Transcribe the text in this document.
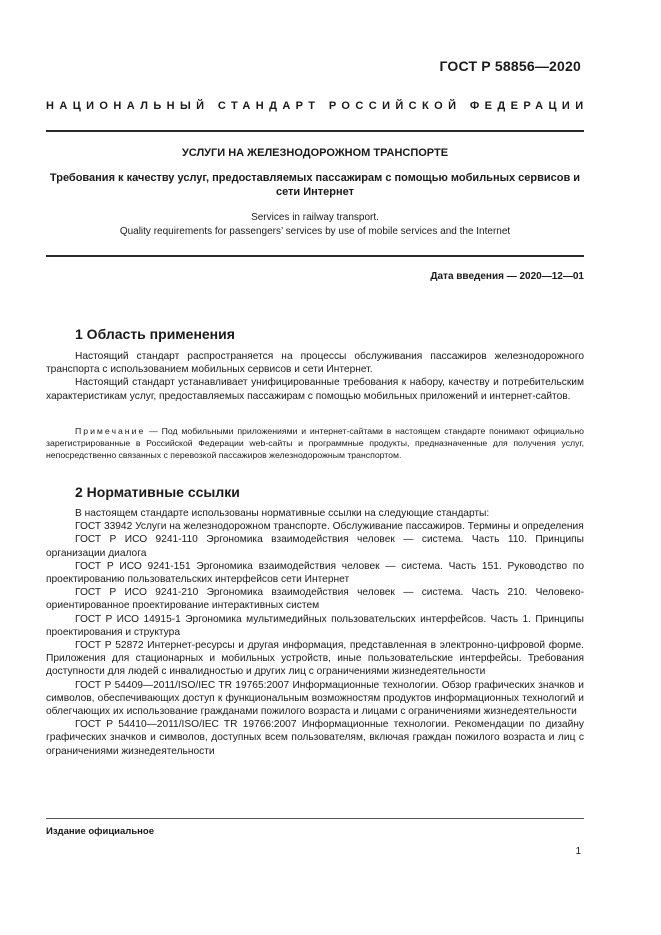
ГОСТ Р 58856—2020
НАЦИОНАЛЬНЫЙ СТАНДАРТ РОССИЙСКОЙ ФЕДЕРАЦИИ
УСЛУГИ НА ЖЕЛЕЗНОДОРОЖНОМ ТРАНСПОРТЕ
Требования к качеству услуг, предоставляемых пассажирам с помощью мобильных сервисов и сети Интернет
Services in railway transport.
Quality requirements for passengers’ services by use of mobile services and the Internet
Дата введения — 2020—12—01
1 Область применения

Настоящий стандарт распространяется на процессы обслуживания пассажиров железнодорожного транспорта с использованием мобильных сервисов и сети Интернет.

Настоящий стандарт устанавливает унифицированные требования к набору, качеству и потребительским характеристикам услуг, предоставляемых пассажирам с помощью мобильных приложений и интернет-сайтов.

Примечание — Под мобильными приложениями и интернет-сайтами в настоящем стандарте понимают официально зарегистрированные в Российской Федерации web-сайты и программные продукты, предназначенные для получения услуг, непосредственно связанных с перевозкой пассажиров железнодорожным транспортом.

2 Нормативные ссылки

В настоящем стандарте использованы нормативные ссылки на следующие стандарты:

ГОСТ 33942 Услуги на железнодорожном транспорте. Обслуживание пассажиров. Термины и определения

ГОСТ Р ИСО 9241-110 Эргономика взаимодействия человек — система. Часть 110. Принципы организации диалога

ГОСТ Р ИСО 9241-151 Эргономика взаимодействия человек — система. Часть 151. Руководство по проектированию пользовательских интерфейсов сети Интернет

ГОСТ Р ИСО 9241-210 Эргономика взаимодействия человек — система. Часть 210. Человеко-ориентированное проектирование интерактивных систем

ГОСТ Р ИСО 14915-1 Эргономика мультимедийных пользовательских интерфейсов. Часть 1. Принципы проектирования и структура

ГОСТ Р 52872 Интернет-ресурсы и другая информация, представленная в электронно-цифровой форме. Приложения для стационарных и мобильных устройств, иные пользовательские интерфейсы. Требования доступности для людей с инвалидностью и других лиц с ограничениями жизнедеятельности

ГОСТ Р 54409—2011/ISO/IEC TR 19765:2007 Информационные технологии. Обзор графических значков и символов, обеспечивающих доступ к функциональным возможностям продуктов информационных технологий и облегчающих их использование гражданами пожилого возраста и лицами с ограничениями жизнедеятельности

ГОСТ Р 54410—2011/ISO/IEC TR 19766:2007 Информационные технологии. Рекомендации по дизайну графических значков и символов, доступных всем пользователям, включая граждан пожилого возраста и лиц с ограничениями жизнедеятельности

Издание официальное
1
